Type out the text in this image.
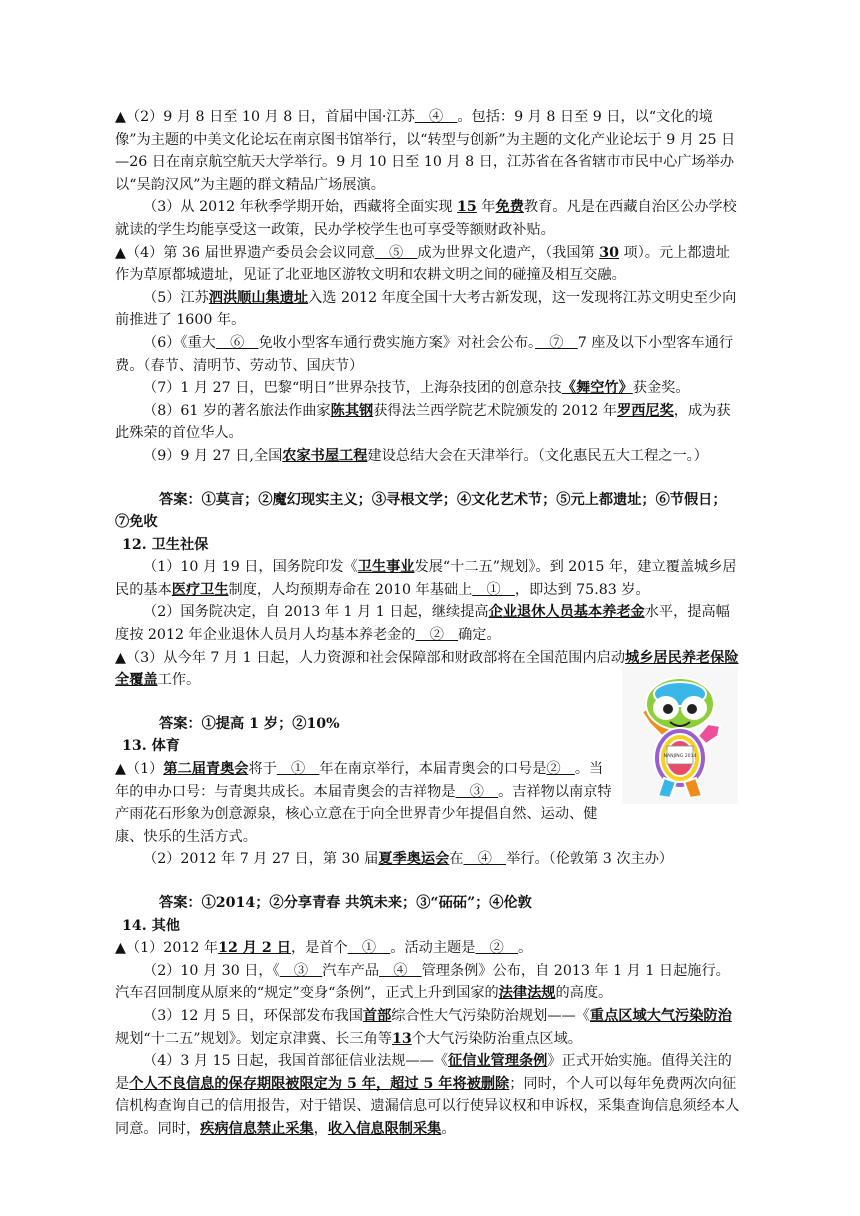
▲（2）9 月 8 日至 10 月 8 日，首届中国·江苏　④　。包括：9 月 8 日至 9 日，以“文化的境像”为主题的中美文化论坛在南京图书馆举行，以“转型与创新”为主题的文化产业论坛于 9 月 25 日—26 日在南京航空航天大学举行。9 月 10 日至 10 月 8 日，江苏省在各省辖市市民中心广场举办以“吴韵汉风”为主题的群文精品广场展演。

（3）从 2012 年秋季学期开始，西藏将全面实现 15 年免费教育。凡是在西藏自治区公办学校就读的学生均能享受这一政策，民办学校学生也可享受等额财政补贴。

▲（4）第 36 届世界遗产委员会会议同意　⑤　成为世界文化遗产，（我国第 30 项）。元上都遗址作为草原都城遗址，见证了北亚地区游牧文明和农耕文明之间的碰撞及相互交融。

（5）江苏泗洪顺山集遗址入选 2012 年度全国十大考古新发现，这一发现将江苏文明史至少向前推进了 1600 年。

（6）《重大　⑥　免收小型客车通行费实施方案》对社会公布。　⑦　7 座及以下小型客车通行费。（春节、清明节、劳动节、国庆节）

（7）1 月 27 日，巴黎“明日”世界杂技节，上海杂技团的创意杂技《舞空竹》获金奖。

（8）61 岁的著名旅法作曲家陈其钢获得法兰西学院艺术院颁发的 2012 年罗西尼奖，成为获此殊荣的首位华人。

（9）9 月 27 日,全国农家书屋工程建设总结大会在天津举行。（文化惠民五大工程之一。）

答案：①莫言；②魔幻现实主义；③寻根文学；④文化艺术节；⑤元上都遗址；⑥节假日；⑦免收

12. 卫生社保

（1）10 月 19 日，国务院印发《卫生事业发展“十二五”规划》。到 2015 年，建立覆盖城乡居民的基本医疗卫生制度，人均预期寿命在 2010 年基础上　①　，即达到 75.83 岁。

（2）国务院决定，自 2013 年 1 月 1 日起，继续提高企业退休人员基本养老金水平，提高幅度按 2012 年企业退休人员月人均基本养老金的　②　确定。

▲（3）从今年 7 月 1 日起，人力资源和社会保障部和财政部将在全国范围内启动城乡居民养老保险全覆盖工作。

答案：①提高 1 岁；②10%

13. 体育

▲（1）第二届青奥会将于　①　年在南京举行，本届青奥会的口号是②　。当年的申办口号：与青奥共成长。本届青奥会的吉祥物是　③　。吉祥物以南京特产雨花石形象为创意源泉，核心立意在于向全世界青少年提倡自然、运动、健康、快乐的生活方式。

（2）2012 年 7 月 27 日，第 30 届夏季奥运会在　④　举行。（伦敦第 3 次主办）

答案：①2014；②分享青春 共筑未来；③“砳砳”；④伦敦

14. 其他

▲（1）2012 年12 月 2 日，是首个　①　。活动主题是　②　。

（2）10 月 30 日，《　③　汽车产品　④　管理条例》公布，自 2013 年 1 月 1 日起施行。汽车召回制度从原来的“规定”变身“条例”，正式上升到国家的法律法规的高度。

（3）12 月 5 日，环保部发布我国首部综合性大气污染防治规划——《重点区域大气污染防治规划“十二五”规划》。划定京津冀、长三角等13个大气污染防治重点区域。

（4）3 月 15 日起，我国首部征信业法规——《征信业管理条例》正式开始实施。值得关注的是个人不良信息的保存期限被限定为 5 年，超过 5 年将被删除；同时，个人可以每年免费两次向征信机构查询自己的信用报告，对于错误、遗漏信息可以行使异议权和申诉权，采集查询信息须经本人同意。同时，疾病信息禁止采集，收入信息限制采集。

NANJING 2014
